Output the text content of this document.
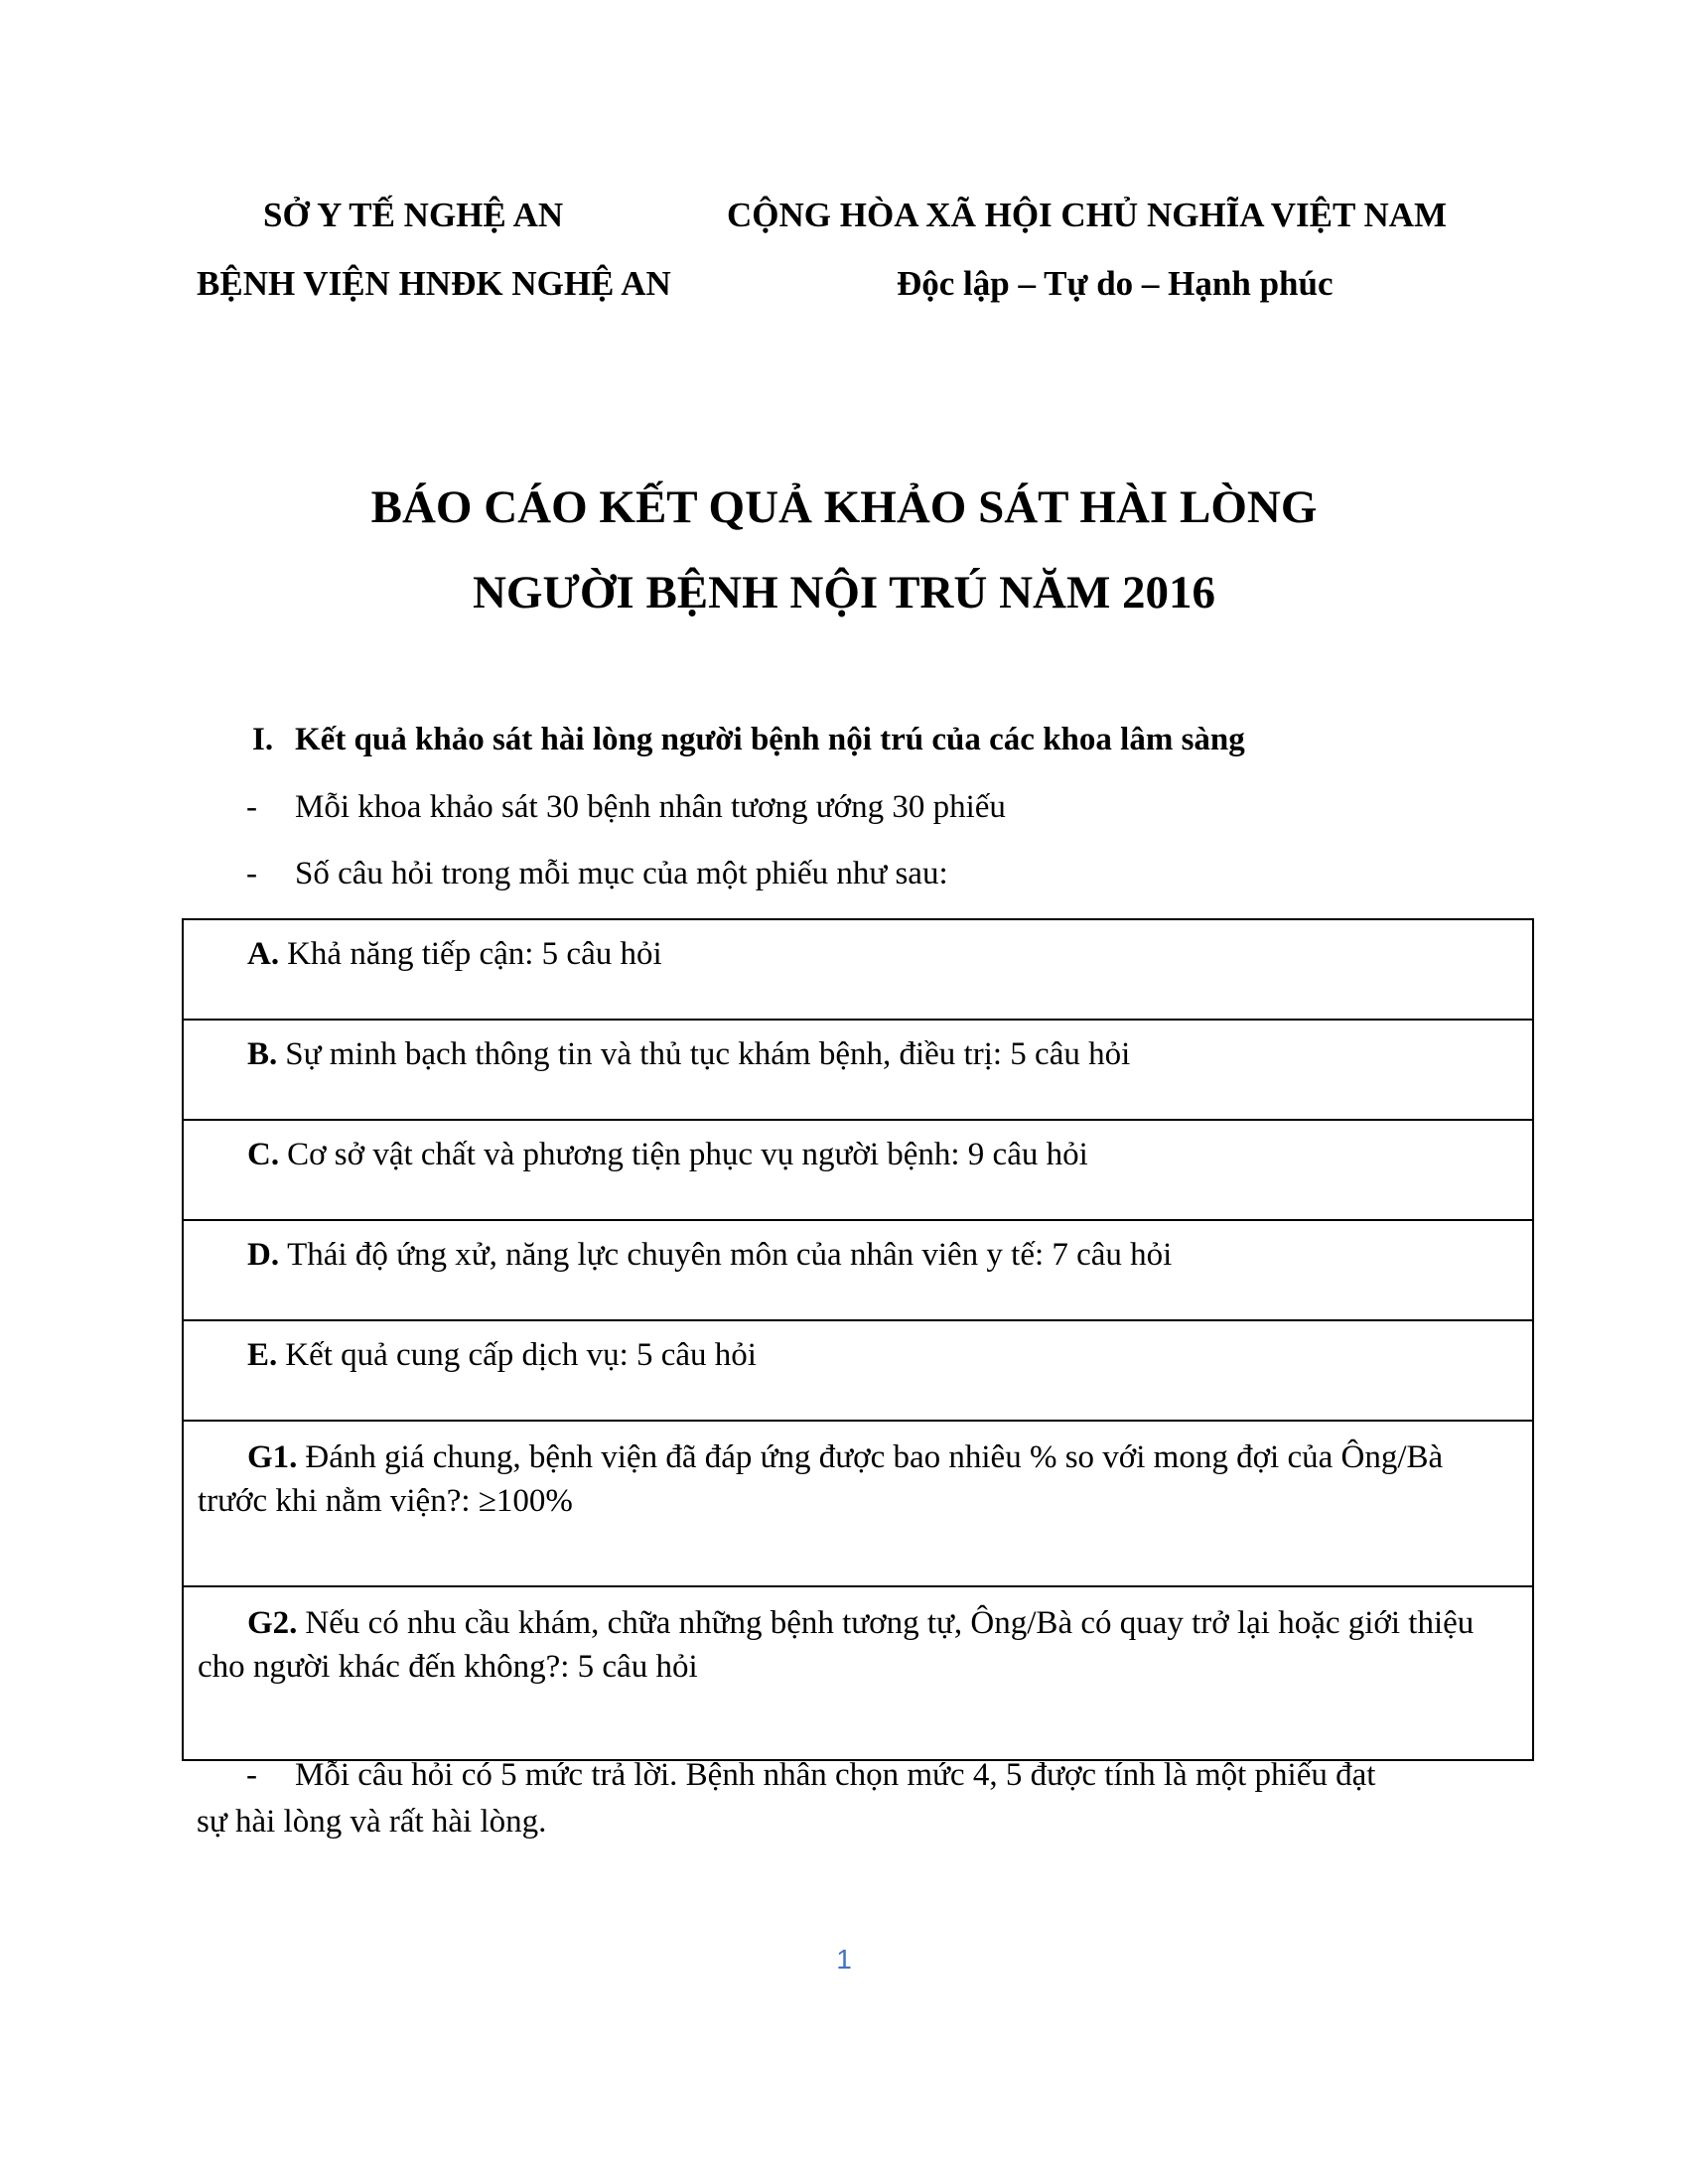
SỞ Y TẾ NGHỆ AN
BỆNH VIỆN HNĐK NGHỆ AN
CỘNG HÒA XÃ HỘI CHỦ NGHĨA VIỆT NAM
Độc lập – Tự do – Hạnh phúc
BÁO CÁO KẾT QUẢ KHẢO SÁT HÀI LÒNG
NGƯỜI BỆNH NỘI TRÚ NĂM 2016
I. Kết quả khảo sát hài lòng người bệnh nội trú của các khoa lâm sàng
- Mỗi khoa khảo sát 30 bệnh nhân tương ướng 30 phiếu
- Số câu hỏi trong mỗi mục của một phiếu như sau:
A. Khả năng tiếp cận: 5 câu hỏi
B. Sự minh bạch thông tin và thủ tục khám bệnh, điều trị: 5 câu hỏi
C. Cơ sở vật chất và phương tiện phục vụ người bệnh: 9 câu hỏi
D. Thái độ ứng xử, năng lực chuyên môn của nhân viên y tế: 7 câu hỏi
E. Kết quả cung cấp dịch vụ: 5 câu hỏi
G1. Đánh giá chung, bệnh viện đã đáp ứng được bao nhiêu % so với mong đợi của Ông/Bà trước khi nằm viện?: ≥100%
G2. Nếu có nhu cầu khám, chữa những bệnh tương tự, Ông/Bà có quay trở lại hoặc giới thiệu cho người khác đến không?: 5 câu hỏi
- Mỗi câu hỏi có 5 mức trả lời. Bệnh nhân chọn mức 4, 5 được tính là một phiếu đạt
sự hài lòng và rất hài lòng.
1
